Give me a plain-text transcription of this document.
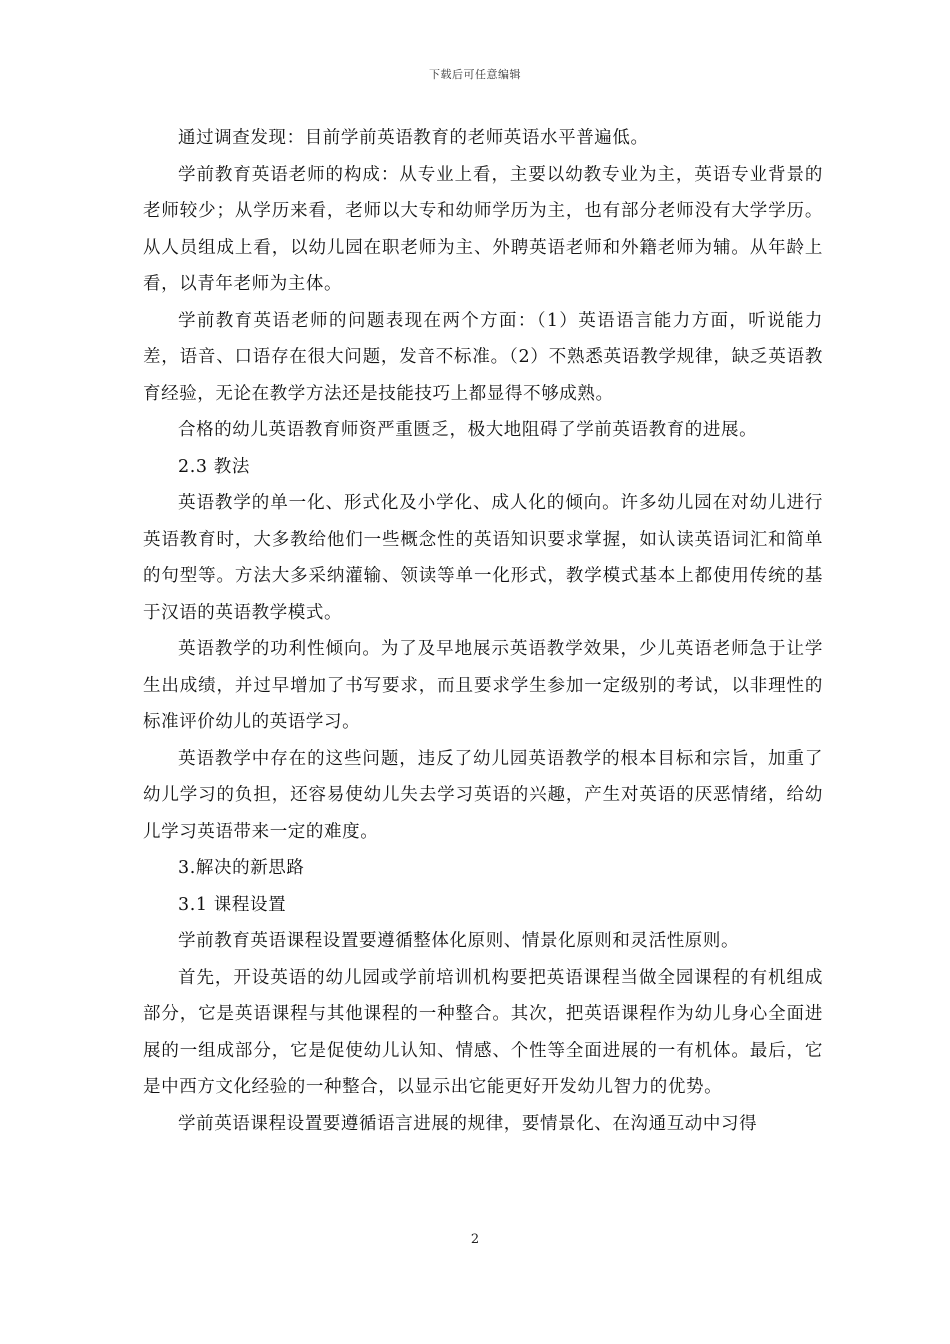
下载后可任意编辑

通过调查发现：目前学前英语教育的老师英语水平普遍低。

学前教育英语老师的构成：从专业上看，主要以幼教专业为主，英语专业背景的老师较少；从学历来看，老师以大专和幼师学历为主，也有部分老师没有大学学历。从人员组成上看，以幼儿园在职老师为主、外聘英语老师和外籍老师为辅。从年龄上看，以青年老师为主体。

学前教育英语老师的问题表现在两个方面：（1）英语语言能力方面，听说能力差，语音、口语存在很大问题，发音不标准。（2）不熟悉英语教学规律，缺乏英语教育经验，无论在教学方法还是技能技巧上都显得不够成熟。

合格的幼儿英语教育师资严重匮乏，极大地阻碍了学前英语教育的进展。

2.3 教法

英语教学的单一化、形式化及小学化、成人化的倾向。许多幼儿园在对幼儿进行英语教育时，大多教给他们一些概念性的英语知识要求掌握，如认读英语词汇和简单的句型等。方法大多采纳灌输、领读等单一化形式，教学模式基本上都使用传统的基于汉语的英语教学模式。

英语教学的功利性倾向。为了及早地展示英语教学效果，少儿英语老师急于让学生出成绩，并过早增加了书写要求，而且要求学生参加一定级别的考试，以非理性的标准评价幼儿的英语学习。

英语教学中存在的这些问题，违反了幼儿园英语教学的根本目标和宗旨，加重了幼儿学习的负担，还容易使幼儿失去学习英语的兴趣，产生对英语的厌恶情绪，给幼儿学习英语带来一定的难度。

3.解决的新思路

3.1 课程设置

学前教育英语课程设置要遵循整体化原则、情景化原则和灵活性原则。

首先，开设英语的幼儿园或学前培训机构要把英语课程当做全园课程的有机组成部分，它是英语课程与其他课程的一种整合。其次，把英语课程作为幼儿身心全面进展的一组成部分，它是促使幼儿认知、情感、个性等全面进展的一有机体。最后，它是中西方文化经验的一种整合，以显示出它能更好开发幼儿智力的优势。

学前英语课程设置要遵循语言进展的规律，要情景化、在沟通互动中习得

2
